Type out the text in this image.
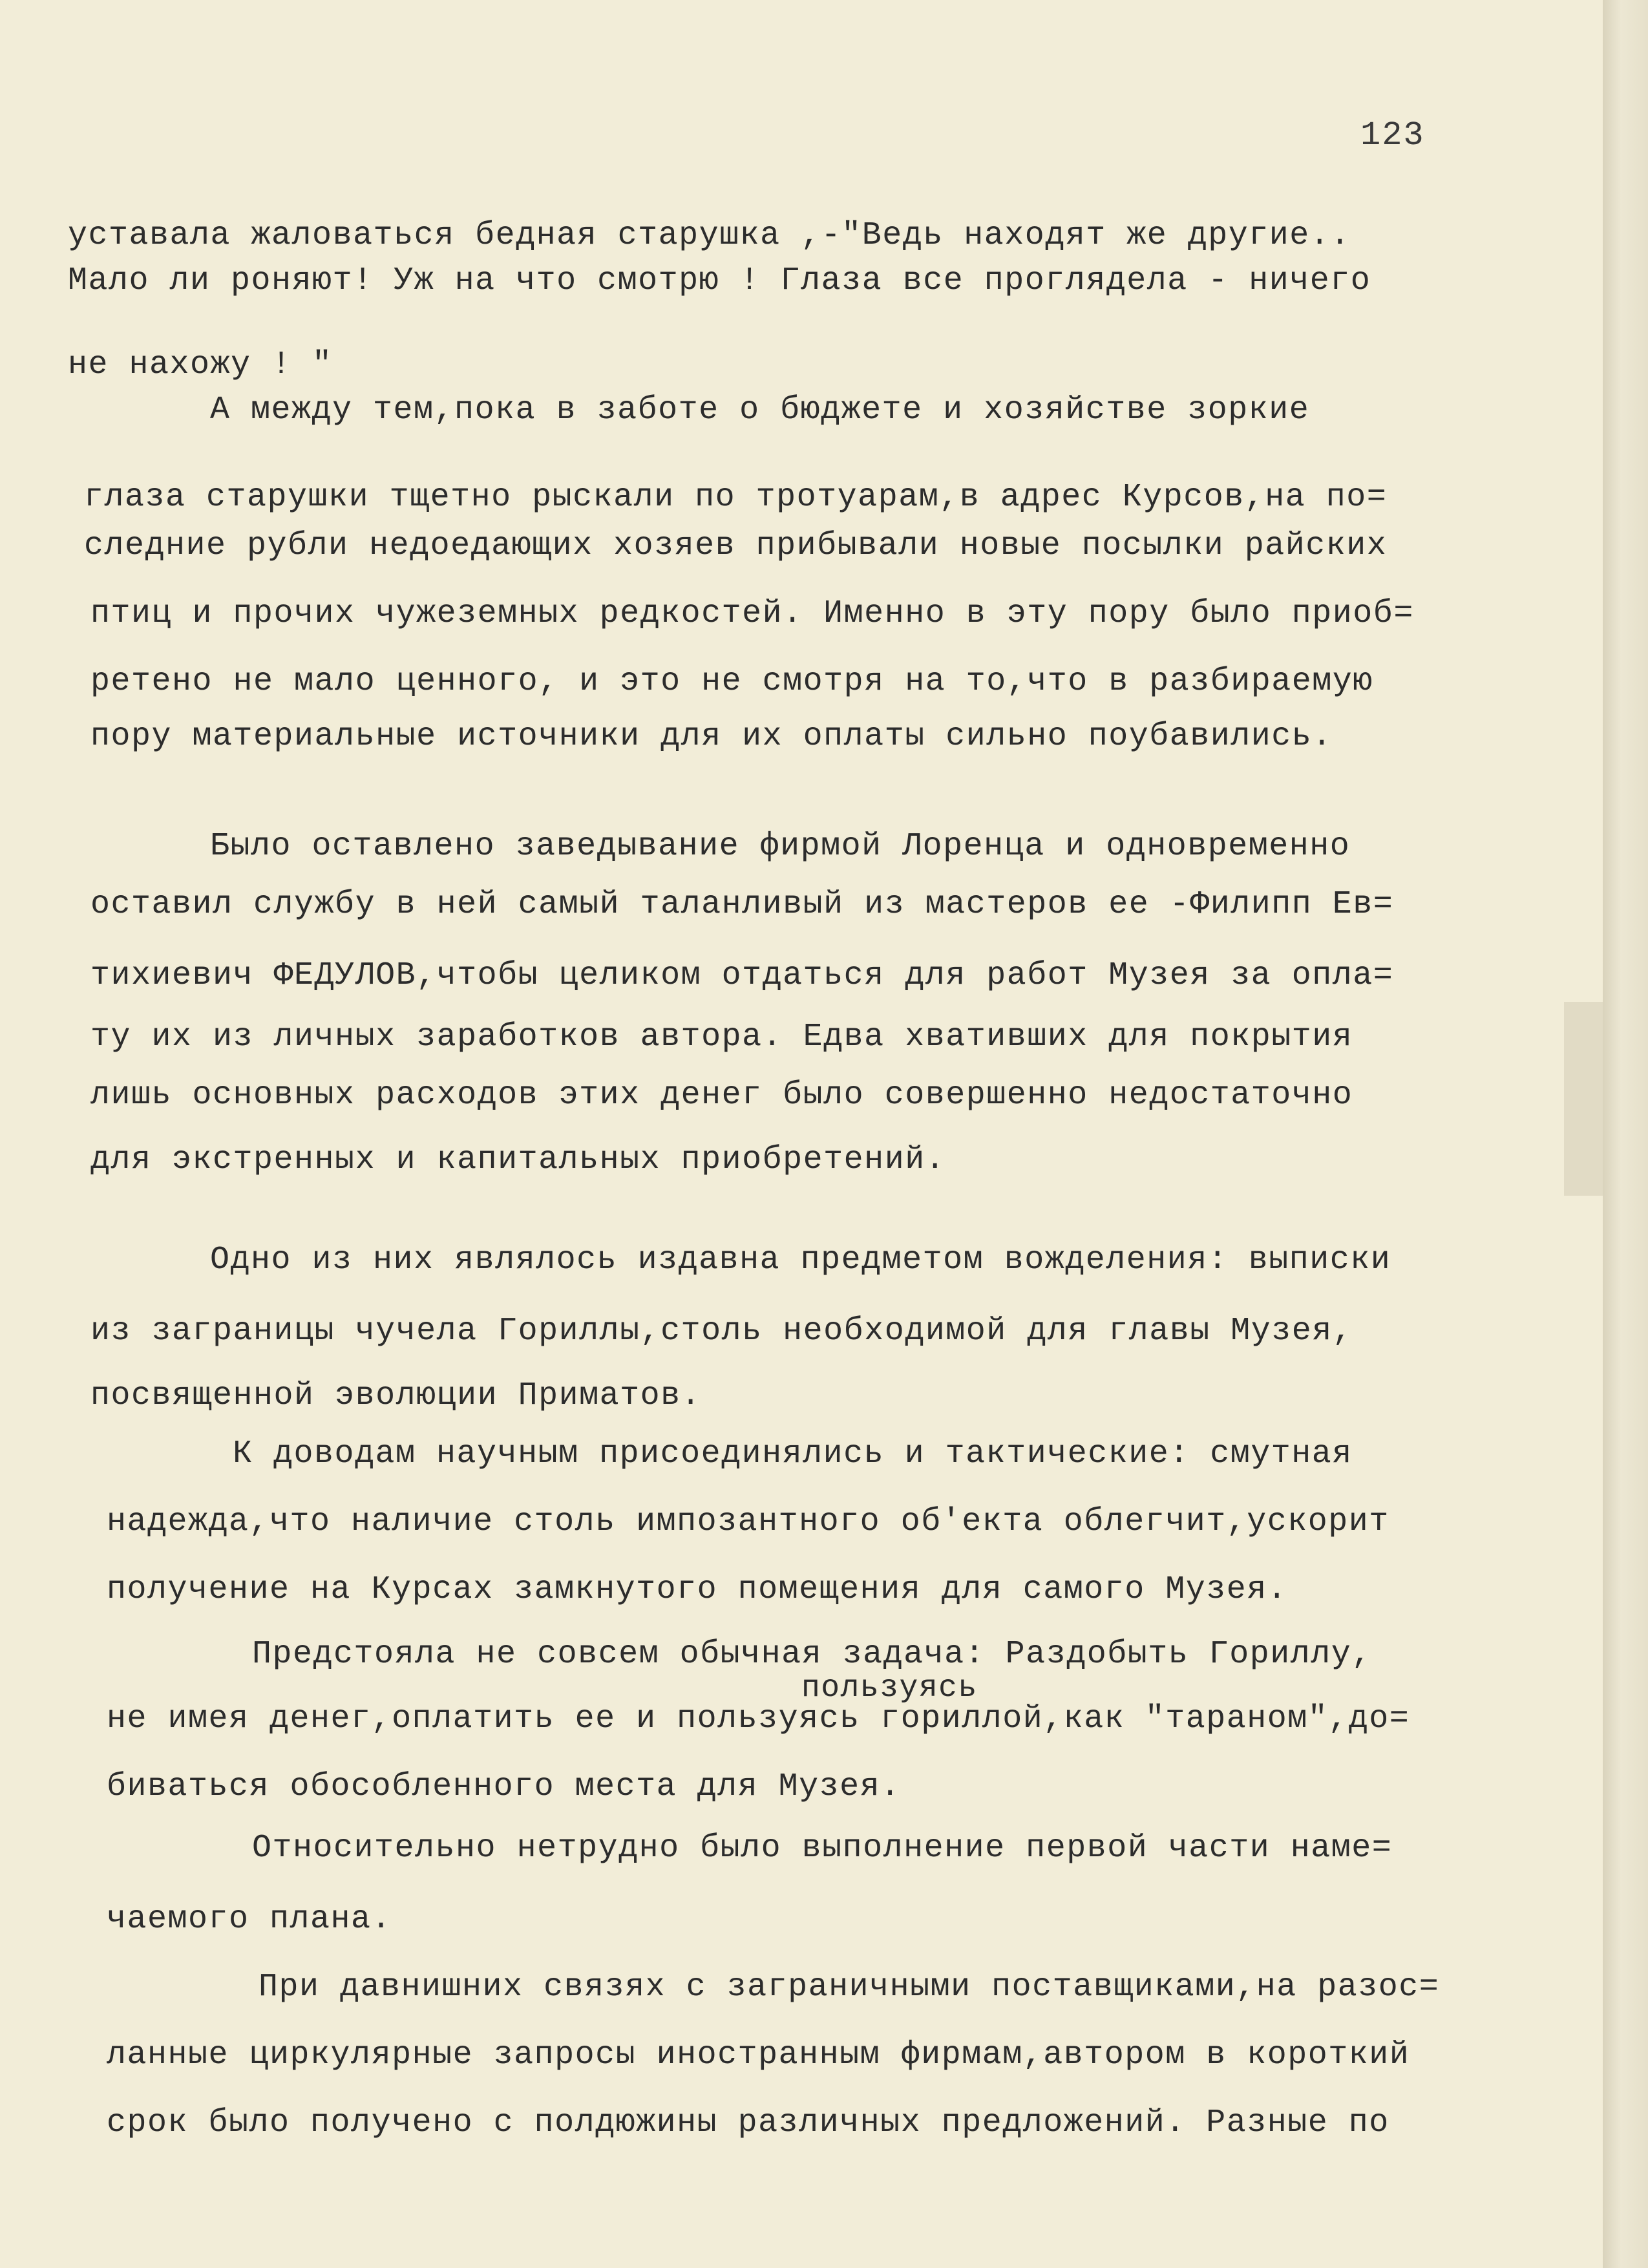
123
уставала жаловаться бедная старушка ,-"Ведь находят же другие..
Мало ли роняют! Уж на что смотрю ! Глаза все проглядела - ничего
не нахожу ! "
А между тем,пока в заботе о бюджете и хозяйстве зоркие
глаза старушки тщетно рыскали по тротуарам,в адрес Курсов,на по=
следние рубли недоедающих хозяев прибывали новые посылки райских
птиц и прочих чужеземных редкостей. Именно в эту пору было приоб=
ретено не мало ценного, и это не смотря на то,что в разбираемую
пору материальные источники для их оплаты сильно поубавились.
Было оставлено заведывание фирмой Лоренца и одновременно
оставил службу в ней самый таланливый из мастеров ее -Филипп Ев=
тихиевич ФЕДУЛОВ,чтобы целиком отдаться для работ Музея за опла=
ту их из личных заработков автора. Едва хвативших для покрытия
лишь основных расходов этих денег было совершенно недостаточно
для экстренных и капитальных приобретений.
Одно из них являлось издавна предметом вожделения: выписки
из заграницы чучела Гориллы,столь необходимой для главы Музея,
посвященной эволюции Приматов.
К доводам научным присоединялись и тактические: смутная
надежда,что наличие столь импозантного об'екта облегчит,ускорит
получение на Курсах замкнутого помещения для самого Музея.
Предстояла не совсем обычная задача: Раздобыть Гориллу,
пользуясь
не имея денег,оплатить ее и пользуясь гориллой,как "тараном",до=
биваться обособленного места для Музея.
Относительно нетрудно было выполнение первой части наме=
чаемого плана.
При давнишних связях с заграничными поставщиками,на разос=
ланные циркулярные запросы иностранным фирмам,автором в короткий
срок было получено с полдюжины различных предложений. Разные по
